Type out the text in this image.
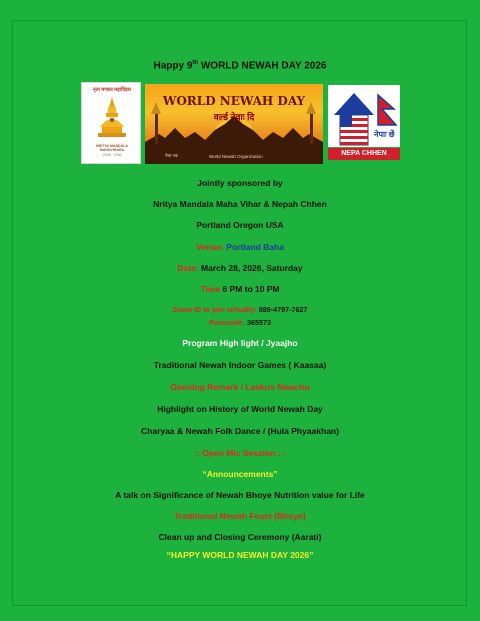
Happy 9th WORLD NEWAH DAY 2026
नृत्य मण्डल महाविहार
NRITYA MANDALA
MAHAVIHARA
2005 · USA
WORLD NEWAH DAY
वर्ल्ड नेवाः दि
नेवा नवः	World Newah Organization
नेपाः छें
NEPA CHHEN
Jointly sponsored by
Nritya Mandala Maha Vihar & Nepah Chhen
Portland Oregon USA
Venue: Portland Baha
Date: March 28, 2026, Saturday
Time 6 PM to 10 PM
Zoom ID to join virtually: 889-4797-7627
Passcode: 365573
Program High light / Jyaajho
Traditional Newah Indoor Games ( Kaasaa)
Opening Remark / Laskus Nwachu
Highlight on History of World Newah Day
Charyaa & Newah Folk Dance / (Hula Phyaakhan)
:: Open Mic Session : :
“Announcements”
A talk on Significance of Newah Bhoye Nutrition value for Life
Traditional Newah Feast (Bhoye)
Clean up and Closing Ceremony (Aarati)
“HAPPY WORLD NEWAH DAY 2026”
